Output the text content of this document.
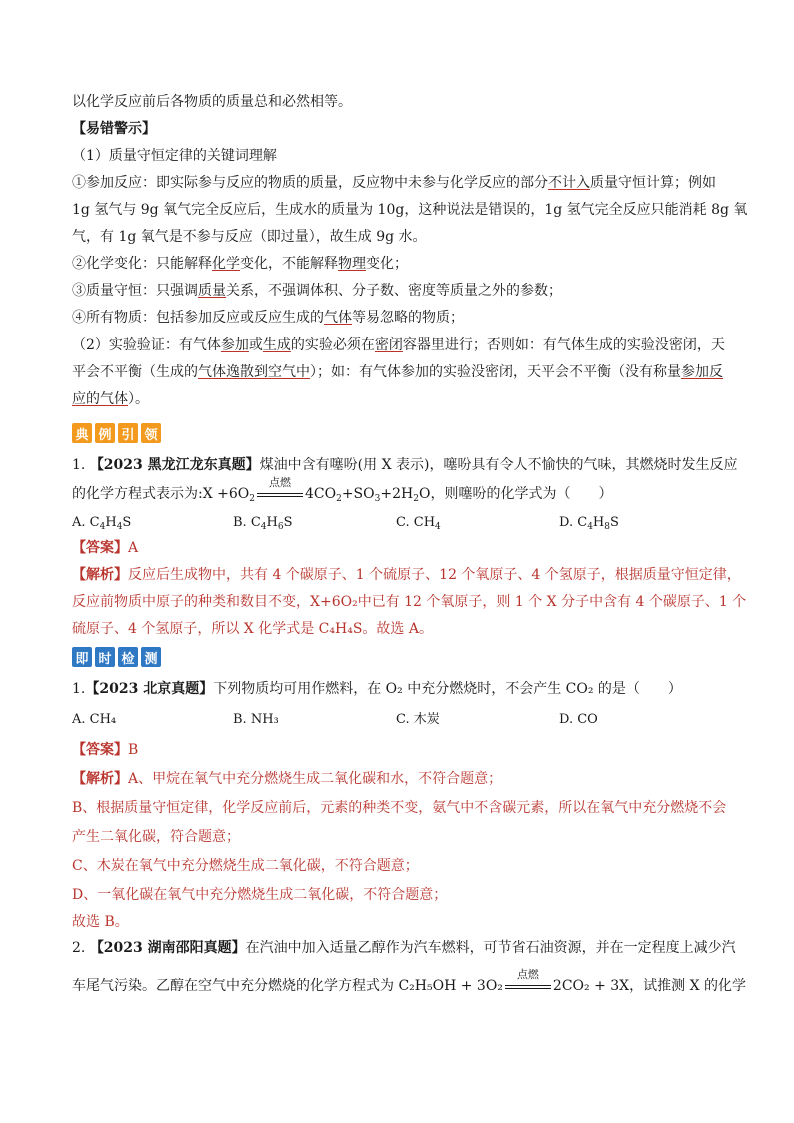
以化学反应前后各物质的质量总和必然相等。
【易错警示】
（1）质量守恒定律的关键词理解
①参加反应：即实际参与反应的物质的质量，反应物中未参与化学反应的部分不计入质量守恒计算；例如
1g 氢气与 9g 氧气完全反应后，生成水的质量为 10g，这种说法是错误的，1g 氢气完全反应只能消耗 8g 氧
气，有 1g 氧气是不参与反应（即过量），故生成 9g 水。
②化学变化：只能解释化学变化，不能解释物理变化；
③质量守恒：只强调质量关系，不强调体积、分子数、密度等质量之外的参数；
④所有物质：包括参加反应或反应生成的气体等易忽略的物质；
（2）实验验证：有气体参加或生成的实验必须在密闭容器里进行；否则如：有气体生成的实验没密闭，天
平会不平衡（生成的气体逸散到空气中）；如：有气体参加的实验没密闭，天平会不平衡（没有称量参加反
应的气体）。
典 例 引 领
1. 【2023 黑龙江龙东真题】煤油中含有噻吩(用 X 表示)，噻吩具有令人不愉快的气味，其燃烧时发生反应
的化学方程式表示为:X $+6O_2$
点燃
$4CO_2+SO_3+2H_2O$，则噻吩的化学式为（　　）
A. $C_4H_4S$	B. $C_4H_6S$	C. $CH_4$	D. $C_4H_8S$
【答案】A
【解析】反应后生成物中，共有 4 个碳原子、1 个硫原子、12 个氧原子、4 个氢原子，根据质量守恒定律，
反应前物质中原子的种类和数目不变，X+6O₂中已有 12 个氧原子，则 1 个 X 分子中含有 4 个碳原子、1 个
硫原子、4 个氢原子，所以 X 化学式是 C₄H₄S。故选 A。
即 时 检 测
1.【2023 北京真题】下列物质均可用作燃料，在 O₂ 中充分燃烧时，不会产生 CO₂ 的是（　　）
A. CH₄	B. NH₃	C. 木炭	D. CO
【答案】B
【解析】A、甲烷在氧气中充分燃烧生成二氧化碳和水，不符合题意；
B、根据质量守恒定律，化学反应前后，元素的种类不变，氨气中不含碳元素，所以在氧气中充分燃烧不会
产生二氧化碳，符合题意；
C、木炭在氧气中充分燃烧生成二氧化碳，不符合题意；
D、一氧化碳在氧气中充分燃烧生成二氧化碳，不符合题意；
故选 B。
2. 【2023 湖南邵阳真题】在汽油中加入适量乙醇作为汽车燃料，可节省石油资源，并在一定程度上减少汽
车尾气污染。乙醇在空气中充分燃烧的化学方程式为 C₂H₅OH + 3O₂
点燃
2CO₂ + 3X，试推测 X 的化学
